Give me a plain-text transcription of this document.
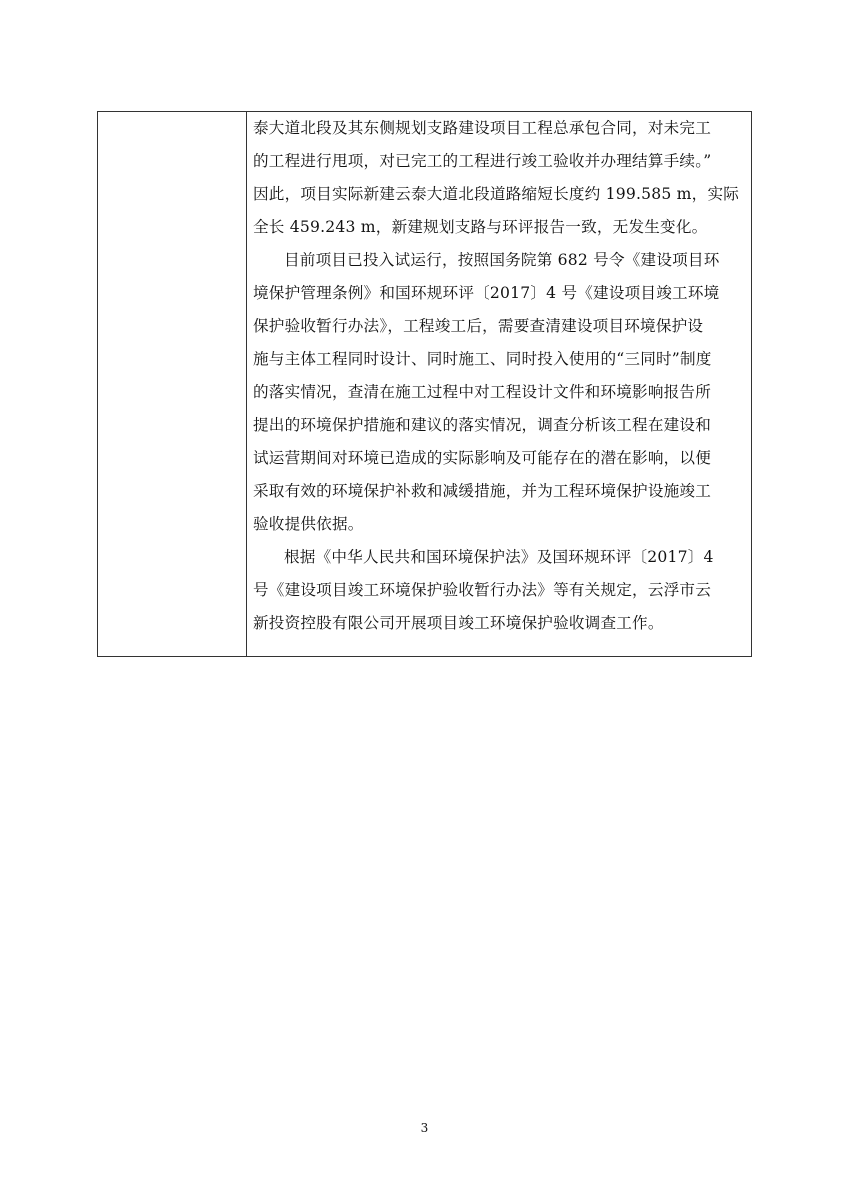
泰大道北段及其东侧规划支路建设项目工程总承包合同，对未完工
的工程进行甩项，对已完工的工程进行竣工验收并办理结算手续。”
因此，项目实际新建云泰大道北段道路缩短长度约 199.585 m，实际
全长 459.243 m，新建规划支路与环评报告一致，无发生变化。
目前项目已投入试运行，按照国务院第 682 号令《建设项目环
境保护管理条例》和国环规环评〔2017〕4 号《建设项目竣工环境
保护验收暂行办法》，工程竣工后，需要查清建设项目环境保护设
施与主体工程同时设计、同时施工、同时投入使用的“三同时”制度
的落实情况，查清在施工过程中对工程设计文件和环境影响报告所
提出的环境保护措施和建议的落实情况，调查分析该工程在建设和
试运营期间对环境已造成的实际影响及可能存在的潜在影响，以便
采取有效的环境保护补救和减缓措施，并为工程环境保护设施竣工
验收提供依据。
根据《中华人民共和国环境保护法》及国环规环评〔2017〕4
号《建设项目竣工环境保护验收暂行办法》等有关规定，云浮市云
新投资控股有限公司开展项目竣工环境保护验收调查工作。
3
